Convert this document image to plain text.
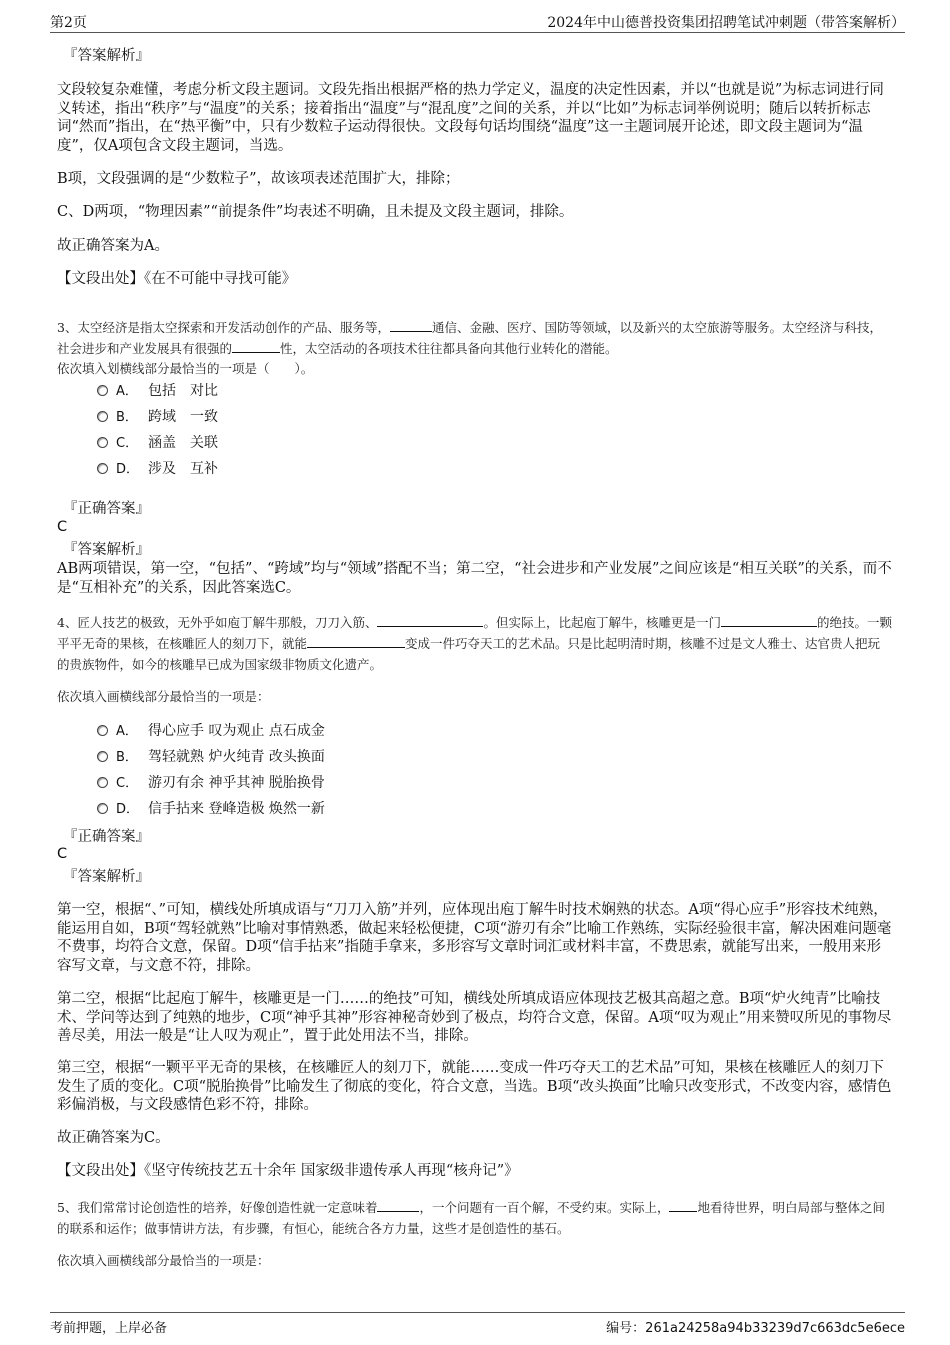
第2页	2024年中山德普投资集团招聘笔试冲刺题（带答案解析）
『答案解析』
文段较复杂难懂，考虑分析文段主题词。文段先指出根据严格的热力学定义，温度的决定性因素，并以“也就是说”为标志词进行同义转述，指出“秩序”与“温度”的关系；接着指出“温度”与“混乱度”之间的关系，并以“比如”为标志词举例说明；随后以转折标志词“然而”指出，在“热平衡”中，只有少数粒子运动得很快。文段每句话均围绕“温度”这一主题词展开论述，即文段主题词为“温度”，仅A项包含文段主题词，当选。
B项，文段强调的是“少数粒子”，故该项表述范围扩大，排除；
C、D两项，“物理因素”“前提条件”均表述不明确，且未提及文段主题词，排除。
故正确答案为A。
【文段出处】《在不可能中寻找可能》
3、太空经济是指太空探索和开发活动创作的产品、服务等，	通信、金融、医疗、国防等领域，以及新兴的太空旅游等服务。太空经济与科技，社会进步和产业发展具有很强的	性，太空活动的各项技术往往都具备向其他行业转化的潜能。
依次填入划横线部分最恰当的一项是（　　）。
A． 包括　对比
B． 跨域　一致
C． 涵盖　关联
D． 涉及　互补
『正确答案』
C
『答案解析』
AB两项错误，第一空，“包括”、“跨域”均与“领域”搭配不当；第二空，“社会进步和产业发展”之间应该是“相互关联”的关系，而不是“互相补充”的关系，因此答案选C。
4、匠人技艺的极致，无外乎如庖丁解牛那般，刀刀入筋、	。但实际上，比起庖丁解牛，核雕更是一门	的绝技。一颗平平无奇的果核，在核雕匠人的刻刀下，就能	变成一件巧夺天工的艺术品。只是比起明清时期，核雕不过是文人雅士、达官贵人把玩的贵族物件，如今的核雕早已成为国家级非物质文化遗产。
依次填入画横线部分最恰当的一项是：
A． 得心应手 叹为观止 点石成金
B． 驾轻就熟 炉火纯青 改头换面
C． 游刃有余 神乎其神 脱胎换骨
D． 信手拈来 登峰造极 焕然一新
『正确答案』
C
『答案解析』
第一空，根据“、”可知，横线处所填成语与“刀刀入筋”并列，应体现出庖丁解牛时技术娴熟的状态。A项“得心应手”形容技术纯熟，能运用自如，B项“驾轻就熟”比喻对事情熟悉，做起来轻松便捷，C项“游刃有余”比喻工作熟练，实际经验很丰富，解决困难问题毫不费事，均符合文意，保留。D项“信手拈来”指随手拿来，多形容写文章时词汇或材料丰富，不费思索，就能写出来，一般用来形容写文章，与文意不符，排除。
第二空，根据“比起庖丁解牛，核雕更是一门……的绝技”可知，横线处所填成语应体现技艺极其高超之意。B项“炉火纯青”比喻技术、学问等达到了纯熟的地步，C项“神乎其神”形容神秘奇妙到了极点，均符合文意，保留。A项“叹为观止”用来赞叹所见的事物尽善尽美，用法一般是“让人叹为观止”，置于此处用法不当，排除。
第三空，根据“一颗平平无奇的果核，在核雕匠人的刻刀下，就能……变成一件巧夺天工的艺术品”可知，果核在核雕匠人的刻刀下发生了质的变化。C项“脱胎换骨”比喻发生了彻底的变化，符合文意，当选。B项“改头换面”比喻只改变形式，不改变内容，感情色彩偏消极，与文段感情色彩不符，排除。
故正确答案为C。
【文段出处】《坚守传统技艺五十余年 国家级非遗传承人再现“核舟记”》
5、我们常常讨论创造性的培养，好像创造性就一定意味着	，一个问题有一百个解，不受约束。实际上， 地看待世界，明白局部与整体之间的联系和运作；做事情讲方法，有步骤，有恒心，能统合各方力量，这些才是创造性的基石。
依次填入画横线部分最恰当的一项是：
考前押题，上岸必备	编号：261a24258a94b33239d7c663dc5e6ece
